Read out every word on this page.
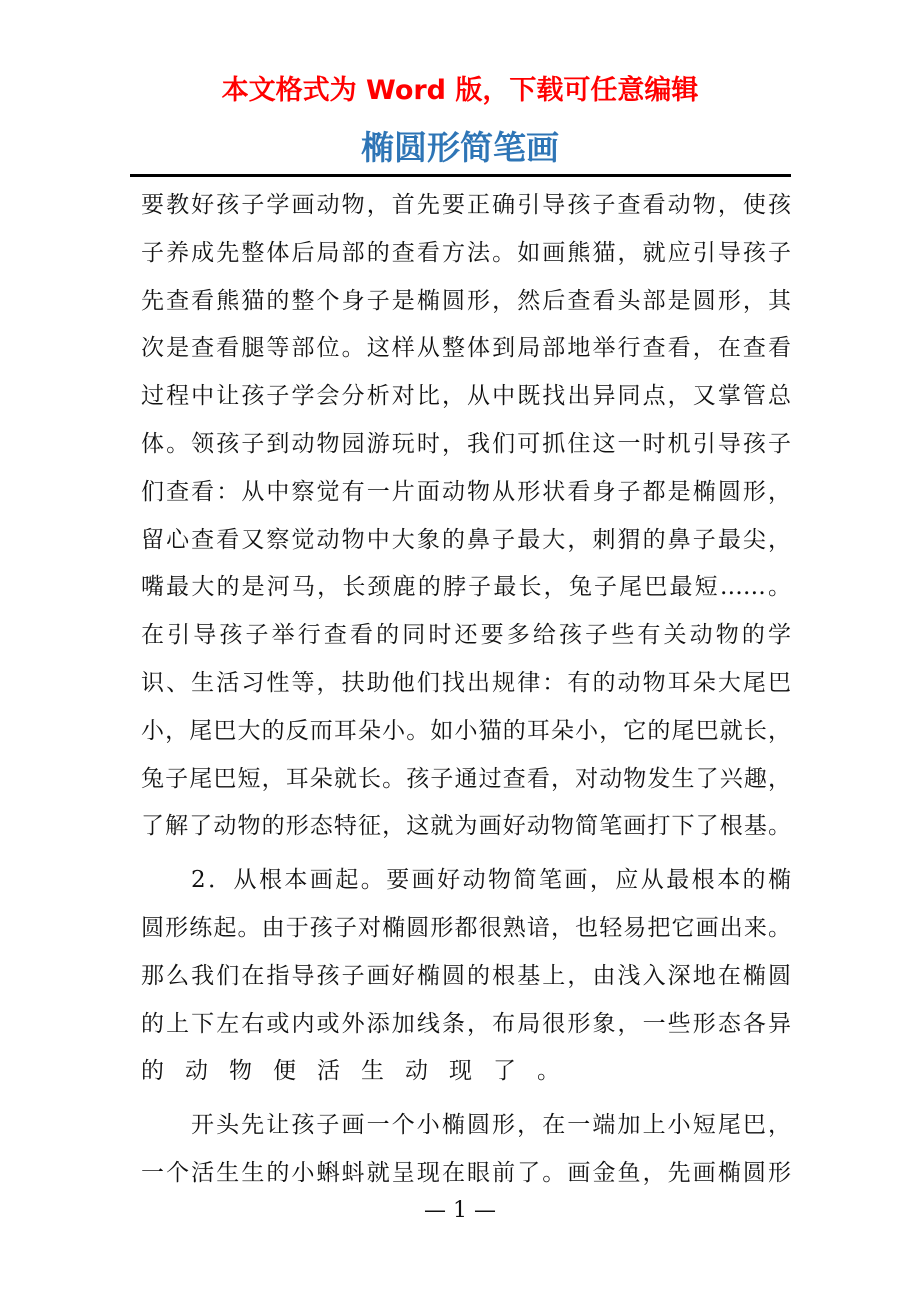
本文格式为 Word 版，下载可任意编辑
椭圆形简笔画
要教好孩子学画动物，首先要正确引导孩子查看动物，使孩
子养成先整体后局部的查看方法。如画熊猫，就应引导孩子
先查看熊猫的整个身子是椭圆形，然后查看头部是圆形，其
次是查看腿等部位。这样从整体到局部地举行查看，在查看
过程中让孩子学会分析对比，从中既找出异同点，又掌管总
体。领孩子到动物园游玩时，我们可抓住这一时机引导孩子
们查看：从中察觉有一片面动物从形状看身子都是椭圆形，
留心查看又察觉动物中大象的鼻子最大，刺猬的鼻子最尖，
嘴最大的是河马，长颈鹿的脖子最长，兔子尾巴最短……。
在引导孩子举行查看的同时还要多给孩子些有关动物的学
识、生活习性等，扶助他们找出规律：有的动物耳朵大尾巴
小，尾巴大的反而耳朵小。如小猫的耳朵小，它的尾巴就长，
兔子尾巴短，耳朵就长。孩子通过查看，对动物发生了兴趣，
了解了动物的形态特征，这就为画好动物简笔画打下了根基。
2．从根本画起。要画好动物简笔画，应从最根本的椭
圆形练起。由于孩子对椭圆形都很熟谙，也轻易把它画出来。
那么我们在指导孩子画好椭圆的根基上，由浅入深地在椭圆
的上下左右或内或外添加线条，布局很形象，一些形态各异
的动物便活生动现了。
开头先让孩子画一个小椭圆形，在一端加上小短尾巴，
一个活生生的小蝌蚪就呈现在眼前了。画金鱼，先画椭圆形
— 1 —
